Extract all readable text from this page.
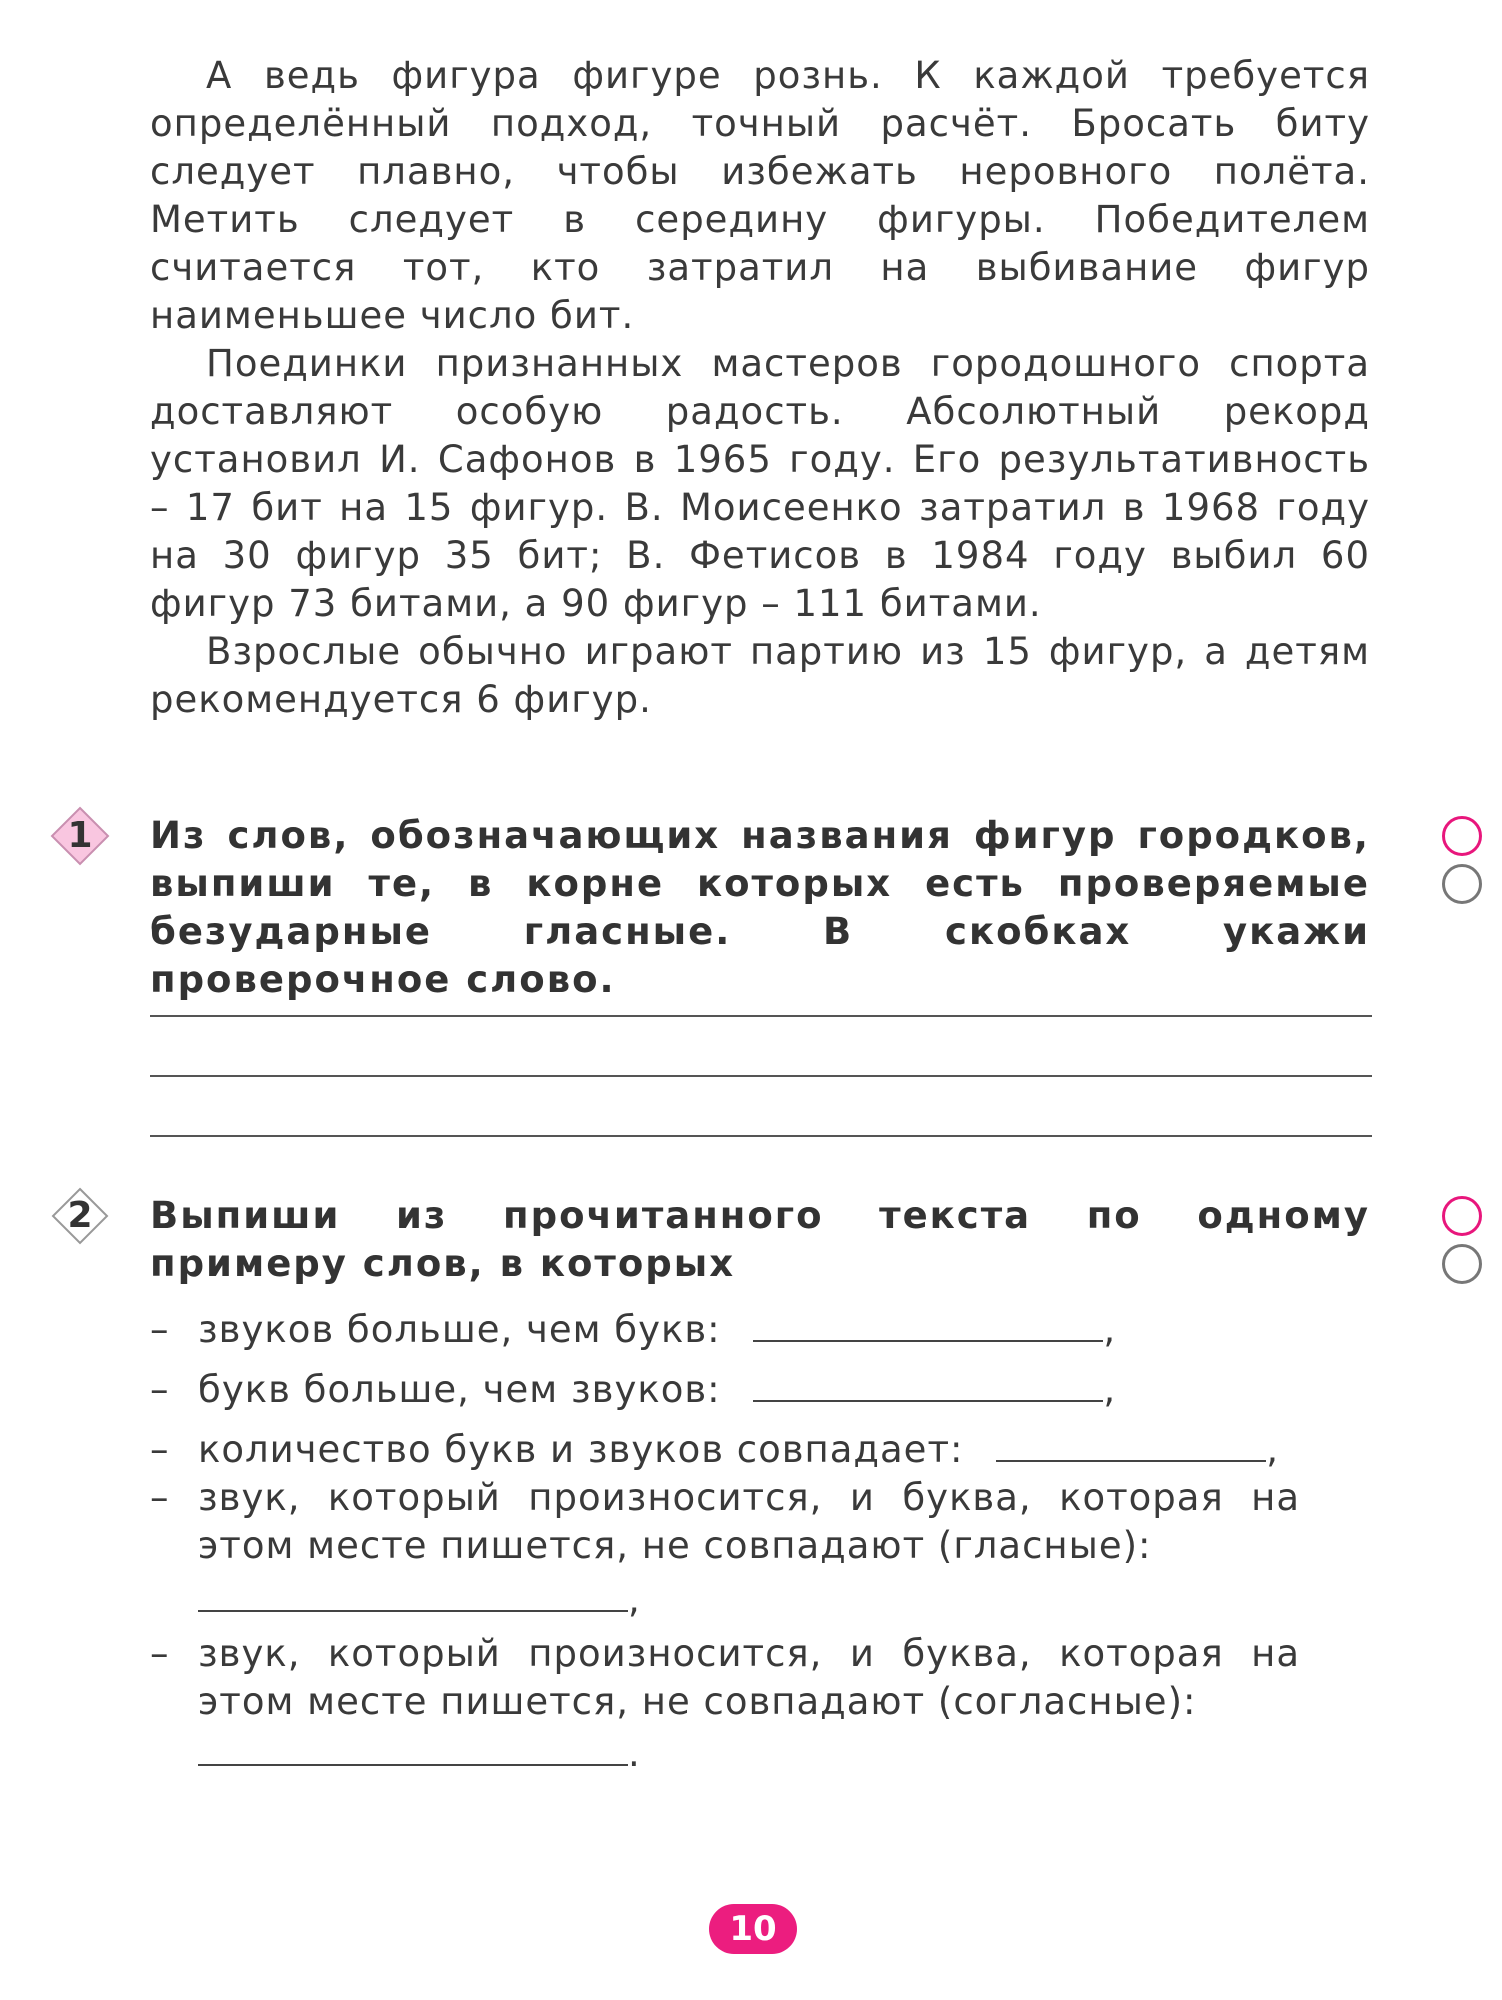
А ведь фигура фигуре рознь. К каждой требуется определённый подход, точный расчёт. Бросать биту следует плавно, чтобы избежать неровного полёта. Метить следует в середину фигуры. Победителем считается тот, кто затратил на выбивание фигур наименьшее число бит.

Поединки признанных мастеров городошного спорта доставляют особую радость. Абсолютный рекорд установил И. Сафонов в 1965 году. Его результативность – 17 бит на 15 фигур. В. Моисеенко затратил в 1968 году на 30 фигур 35 бит; В. Фетисов в 1984 году выбил 60 фигур 73 битами, а 90 фигур – 111 битами.

Взрослые обычно играют партию из 15 фигур, а детям рекомендуется 6 фигур.

1	Из слов, обозначающих названия фигур городков, выпиши те, в корне которых есть проверяемые безударные гласные. В скобках укажи проверочное слово.

2	Выпиши из прочитанного текста по одному примеру слов, в которых

– звуков больше, чем букв:	,
– букв больше, чем звуков:	,
– количество букв и звуков совпадает:	,
– звук, который произносится, и буква, которая на этом месте пишется, не совпадают (гласные):
,
– звук, который произносится, и буква, которая на этом месте пишется, не совпадают (согласные):
.
10
